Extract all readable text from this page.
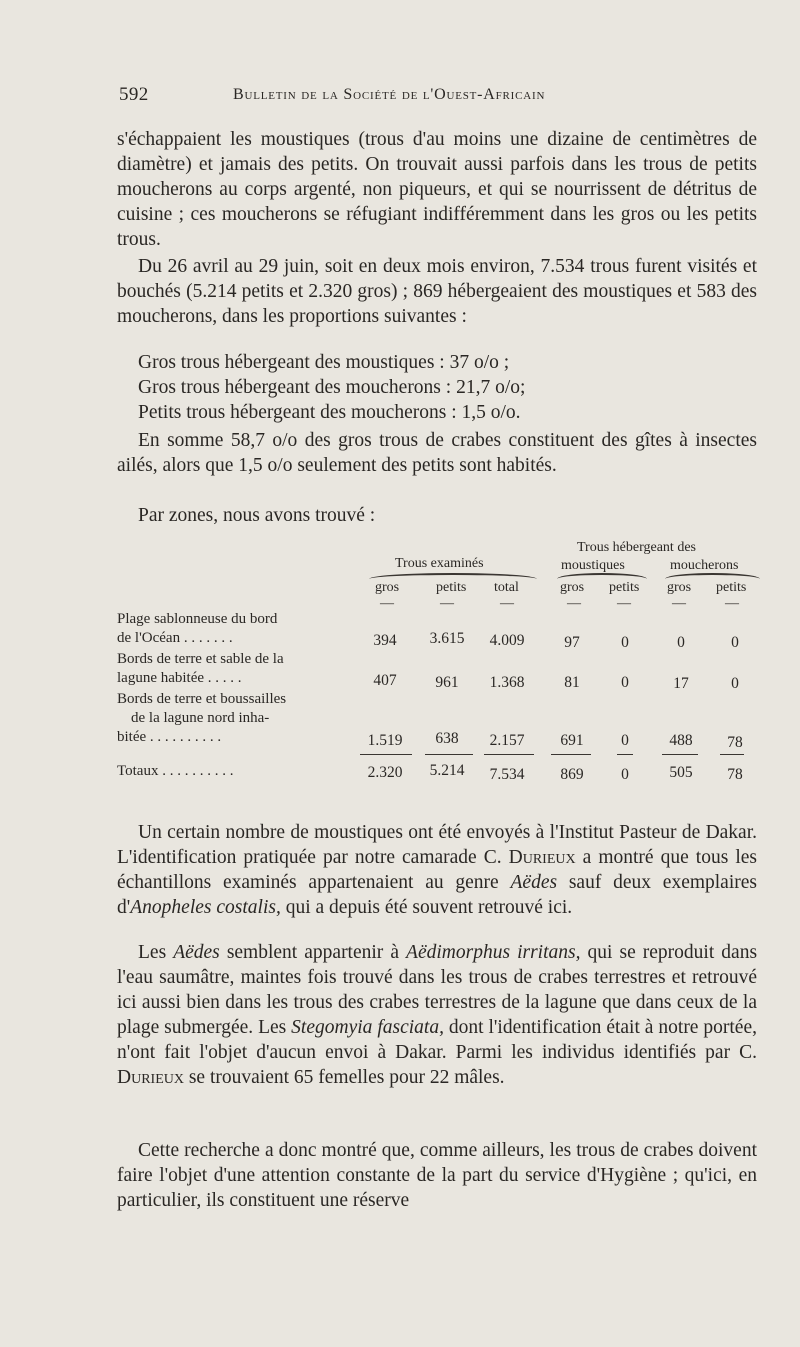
592	Bulletin de la Société de l'Ouest-Africain
s'échappaient les moustiques (trous d'au moins une dizaine de centimètres de diamètre) et jamais des petits. On trouvait aussi parfois dans les trous de petits moucherons au corps argenté, non piqueurs, et qui se nourrissent de détritus de cuisine ; ces moucherons se réfugiant indifféremment dans les gros ou les petits trous.
Du 26 avril au 29 juin, soit en deux mois environ, 7.534 trous furent visités et bouchés (5.214 petits et 2.320 gros) ; 869 hébergeaient des moustiques et 583 des moucherons, dans les proportions suivantes :
Gros trous hébergeant des moustiques : 37 o/o ;
Gros trous hébergeant des moucherons : 21,7 o/o;
Petits trous hébergeant des moucherons : 1,5 o/o.
En somme 58,7 o/o des gros trous de crabes constituent des gîtes à insectes ailés, alors que 1,5 o/o seulement des petits sont habités.
Par zones, nous avons trouvé :
Trous examinés
Trous hébergeant des
moustiques	moucherons
gros	petits total	gros petits gros petits
—	—	—	—	—	—	—
Plage sablonneuse du bord
de l'Océan . . . . . . .	394	3.615	4.009	97	0	0	0
Bords de terre et sable de la
lagune habitée . . . . .	407	961	1.368	81	0	17	0
Bords de terre et boussailles
de la lagune nord inha-
bitée . . . . . . . . . .	1.519	638	2.157	691	0	488	78
Totaux . . . . . . . . . .	2.320	5.214	7.534	869	0	505	78
Un certain nombre de moustiques ont été envoyés à l'Institut Pasteur de Dakar. L'identification pratiquée par notre camarade C. Durieux a montré que tous les échantillons examinés appartenaient au genre Aëdes sauf deux exemplaires d'Anopheles costalis, qui a depuis été souvent retrouvé ici.
Les Aëdes semblent appartenir à Aëdimorphus irritans, qui se reproduit dans l'eau saumâtre, maintes fois trouvé dans les trous de crabes terrestres et retrouvé ici aussi bien dans les trous des crabes terrestres de la lagune que dans ceux de la plage submergée. Les Stegomyia fasciata, dont l'identification était à notre portée, n'ont fait l'objet d'aucun envoi à Dakar. Parmi les individus identifiés par C. Durieux se trouvaient 65 femelles pour 22 mâles.
Cette recherche a donc montré que, comme ailleurs, les trous de crabes doivent faire l'objet d'une attention constante de la part du service d'Hygiène ; qu'ici, en particulier, ils constituent une réserve
